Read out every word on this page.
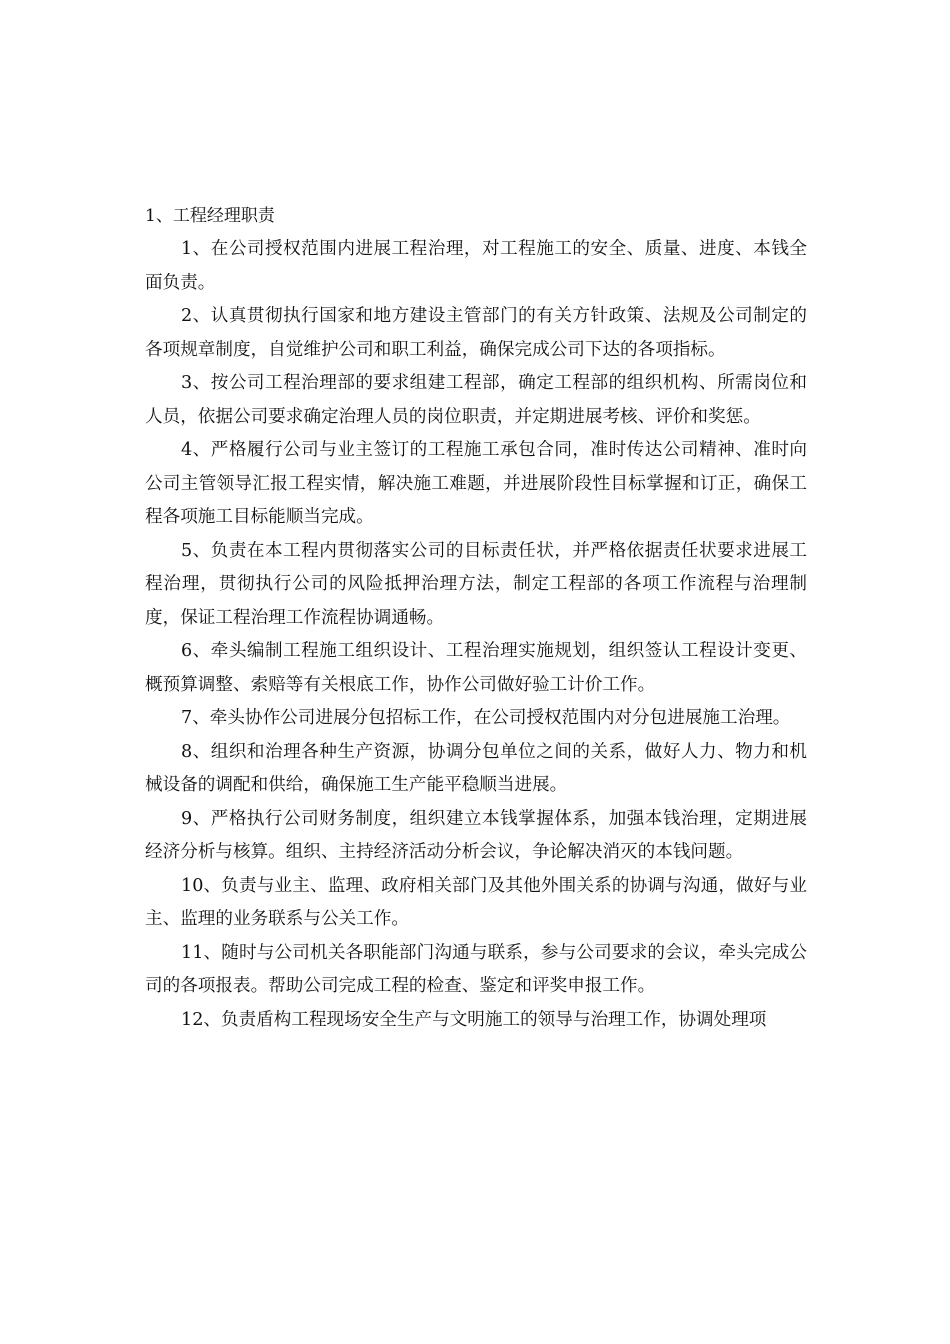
1、工程经理职责

1、在公司授权范围内进展工程治理，对工程施工的安全、质量、进度、本钱全面负责。

2、认真贯彻执行国家和地方建设主管部门的有关方针政策、法规及公司制定的各项规章制度，自觉维护公司和职工利益，确保完成公司下达的各项指标。

3、按公司工程治理部的要求组建工程部，确定工程部的组织机构、所需岗位和人员，依据公司要求确定治理人员的岗位职责，并定期进展考核、评价和奖惩。

4、严格履行公司与业主签订的工程施工承包合同，准时传达公司精神、准时向公司主管领导汇报工程实情，解决施工难题，并进展阶段性目标掌握和订正，确保工程各项施工目标能顺当完成。

5、负责在本工程内贯彻落实公司的目标责任状，并严格依据责任状要求进展工程治理，贯彻执行公司的风险抵押治理方法，制定工程部的各项工作流程与治理制度，保证工程治理工作流程协调通畅。

6、牵头编制工程施工组织设计、工程治理实施规划，组织签认工程设计变更、概预算调整、索赔等有关根底工作，协作公司做好验工计价工作。

7、牵头协作公司进展分包招标工作，在公司授权范围内对分包进展施工治理。

8、组织和治理各种生产资源，协调分包单位之间的关系，做好人力、物力和机械设备的调配和供给，确保施工生产能平稳顺当进展。

9、严格执行公司财务制度，组织建立本钱掌握体系，加强本钱治理，定期进展经济分析与核算。组织、主持经济活动分析会议，争论解决消灭的本钱问题。

10、负责与业主、监理、政府相关部门及其他外围关系的协调与沟通，做好与业主、监理的业务联系与公关工作。

11、随时与公司机关各职能部门沟通与联系，参与公司要求的会议，牵头完成公司的各项报表。帮助公司完成工程的检查、鉴定和评奖申报工作。

12、负责盾构工程现场安全生产与文明施工的领导与治理工作，协调处理项
